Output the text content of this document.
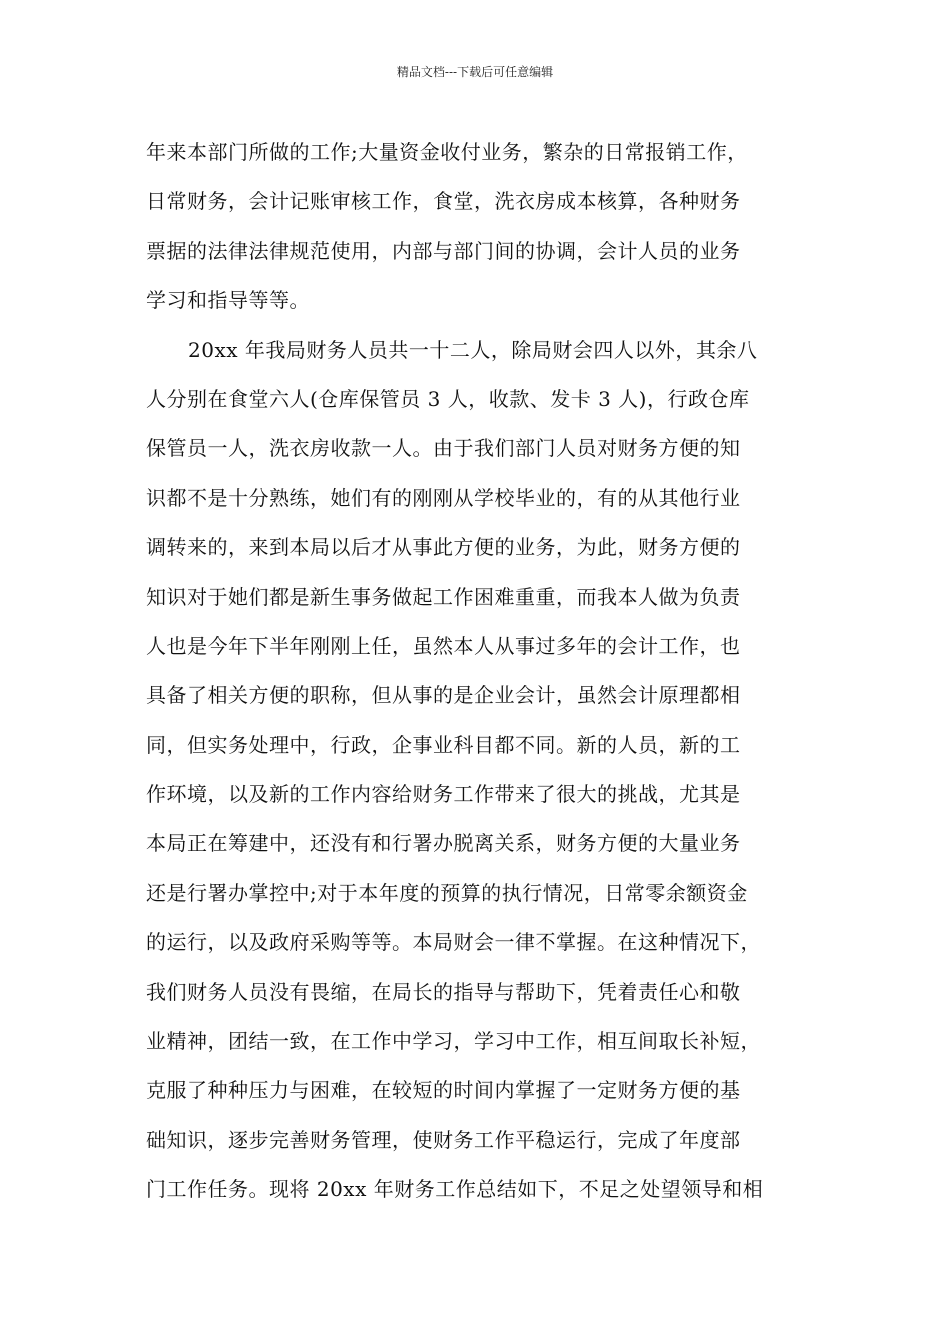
精品文档---下载后可任意编辑
年来本部门所做的工作;大量资金收付业务，繁杂的日常报销工作，
日常财务，会计记账审核工作，食堂，洗衣房成本核算，各种财务
票据的法律法律规范使用，内部与部门间的协调，会计人员的业务
学习和指导等等。
20xx 年我局财务人员共一十二人，除局财会四人以外，其余八
人分别在食堂六人(仓库保管员 3 人，收款、发卡 3 人)，行政仓库
保管员一人，洗衣房收款一人。由于我们部门人员对财务方便的知
识都不是十分熟练，她们有的刚刚从学校毕业的，有的从其他行业
调转来的，来到本局以后才从事此方便的业务，为此，财务方便的
知识对于她们都是新生事务做起工作困难重重，而我本人做为负责
人也是今年下半年刚刚上任，虽然本人从事过多年的会计工作，也
具备了相关方便的职称，但从事的是企业会计，虽然会计原理都相
同，但实务处理中，行政，企事业科目都不同。新的人员，新的工
作环境，以及新的工作内容给财务工作带来了很大的挑战，尤其是
本局正在筹建中，还没有和行署办脱离关系，财务方便的大量业务
还是行署办掌控中;对于本年度的预算的执行情况，日常零余额资金
的运行，以及政府采购等等。本局财会一律不掌握。在这种情况下，
我们财务人员没有畏缩，在局长的指导与帮助下，凭着责任心和敬
业精神，团结一致，在工作中学习，学习中工作，相互间取长补短，
克服了种种压力与困难，在较短的时间内掌握了一定财务方便的基
础知识，逐步完善财务管理，使财务工作平稳运行，完成了年度部
门工作任务。现将 20xx 年财务工作总结如下，不足之处望领导和相
